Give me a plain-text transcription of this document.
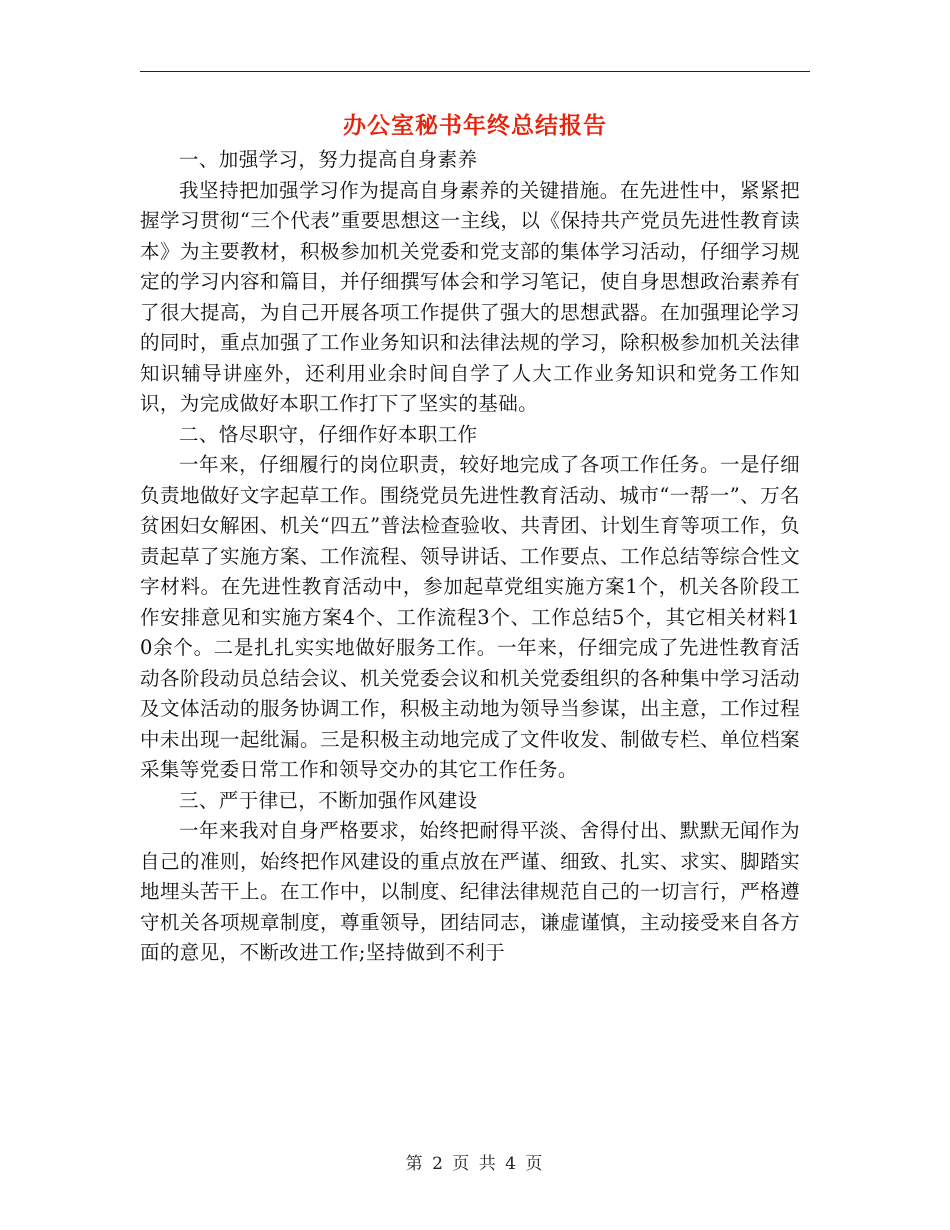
办公室秘书年终总结报告

一、加强学习，努力提高自身素养

我坚持把加强学习作为提高自身素养的关键措施。在先进性中，紧紧把握学习贯彻“三个代表”重要思想这一主线，以《保持共产党员先进性教育读本》为主要教材，积极参加机关党委和党支部的集体学习活动，仔细学习规定的学习内容和篇目，并仔细撰写体会和学习笔记，使自身思想政治素养有了很大提高，为自己开展各项工作提供了强大的思想武器。在加强理论学习的同时，重点加强了工作业务知识和法律法规的学习，除积极参加机关法律知识辅导讲座外，还利用业余时间自学了人大工作业务知识和党务工作知识，为完成做好本职工作打下了坚实的基础。

二、恪尽职守，仔细作好本职工作

一年来，仔细履行的岗位职责，较好地完成了各项工作任务。一是仔细负责地做好文字起草工作。围绕党员先进性教育活动、城市“一帮一”、万名贫困妇女解困、机关“四五”普法检查验收、共青团、计划生育等项工作，负责起草了实施方案、工作流程、领导讲话、工作要点、工作总结等综合性文字材料。在先进性教育活动中，参加起草党组实施方案1个，机关各阶段工作安排意见和实施方案4个、工作流程3个、工作总结5个，其它相关材料10余个。二是扎扎实实地做好服务工作。一年来，仔细完成了先进性教育活动各阶段动员总结会议、机关党委会议和机关党委组织的各种集中学习活动及文体活动的服务协调工作，积极主动地为领导当参谋，出主意，工作过程中未出现一起纰漏。三是积极主动地完成了文件收发、制做专栏、单位档案采集等党委日常工作和领导交办的其它工作任务。

三、严于律已，不断加强作风建设

一年来我对自身严格要求，始终把耐得平淡、舍得付出、默默无闻作为自己的准则，始终把作风建设的重点放在严谨、细致、扎实、求实、脚踏实地埋头苦干上。在工作中，以制度、纪律法律规范自己的一切言行，严格遵守机关各项规章制度，尊重领导，团结同志，谦虚谨慎，主动接受来自各方面的意见，不断改进工作;坚持做到不利于

第 2 页 共 4 页
